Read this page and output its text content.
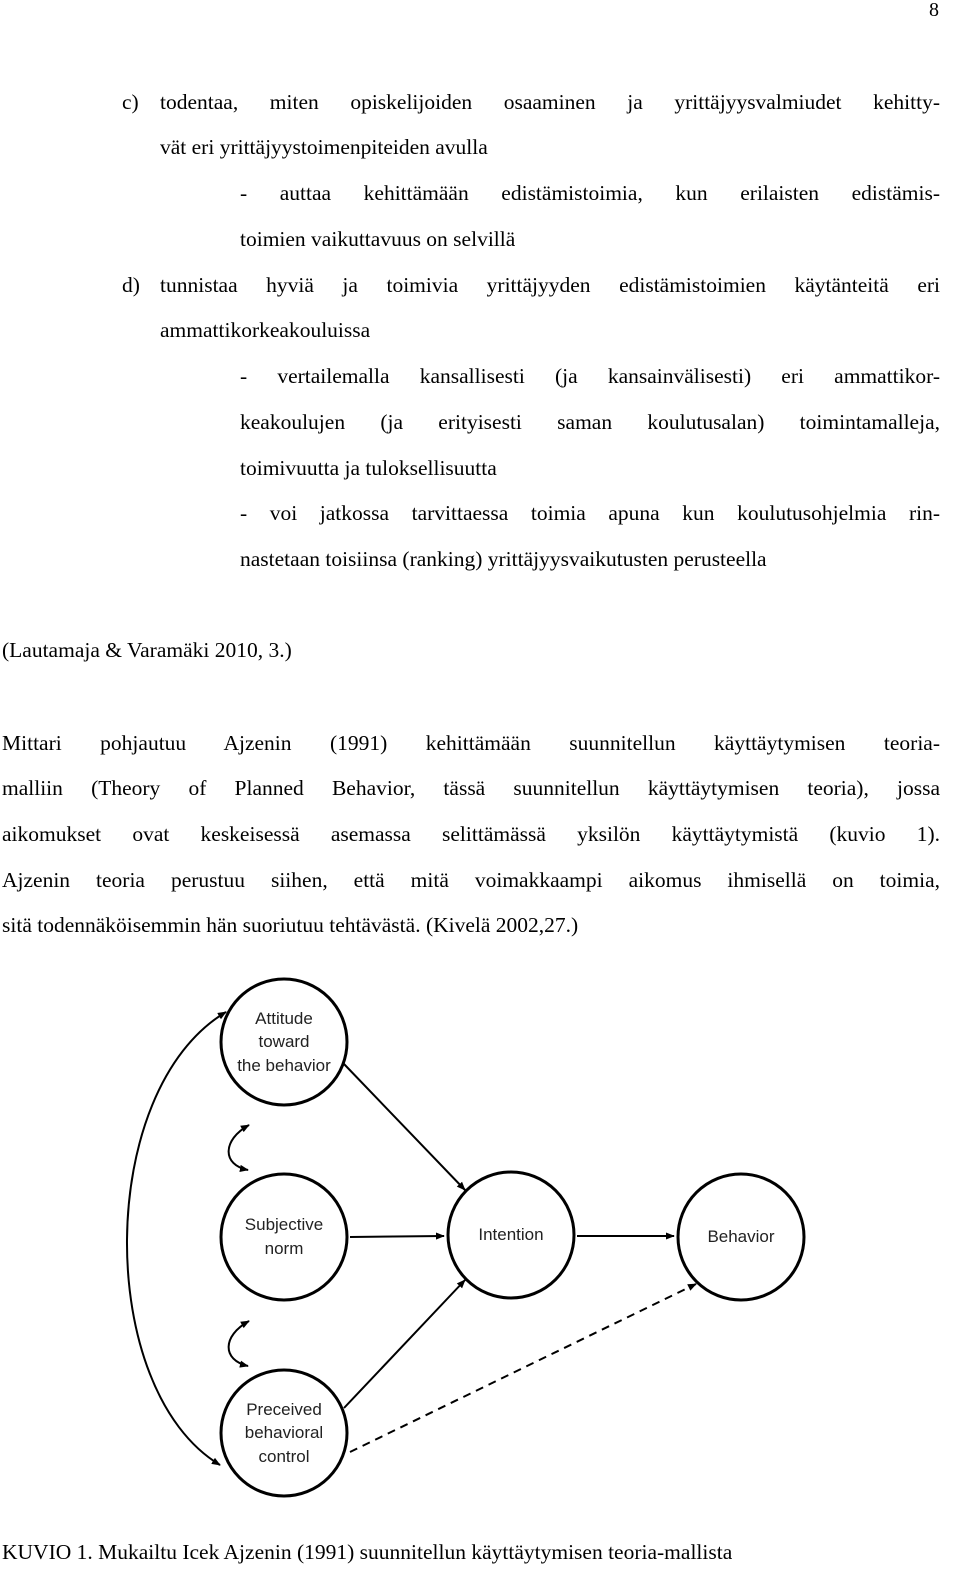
8
c) todentaa, miten opiskelijoiden osaaminen ja yrittäjyysvalmiudet kehitty-
vät eri yrittäjyystoimenpiteiden avulla
- auttaa kehittämään edistämistoimia, kun erilaisten edistämis-
toimien vaikuttavuus on selvillä
d) tunnistaa hyviä ja toimivia yrittäjyyden edistämistoimien käytänteitä eri
ammattikorkeakouluissa
- vertailemalla kansallisesti (ja kansainvälisesti) eri ammattikor-
keakoulujen (ja erityisesti saman koulutusalan) toimintamalleja,
toimivuutta ja tuloksellisuutta
- voi jatkossa tarvittaessa toimia apuna kun koulutusohjelmia rin-
nastetaan toisiinsa (ranking) yrittäjyysvaikutusten perusteella
(Lautamaja & Varamäki 2010, 3.)
Mittari pohjautuu Ajzenin (1991) kehittämään suunnitellun käyttäytymisen teoria-
malliin (Theory of Planned Behavior, tässä suunnitellun käyttäytymisen teoria), jossa
aikomukset ovat keskeisessä asemassa selittämässä yksilön käyttäytymistä (kuvio 1).
Ajzenin teoria perustuu siihen, että mitä voimakkaampi aikomus ihmisellä on toimia,
sitä todennäköisemmin hän suoriutuu tehtävästä. (Kivelä 2002,27.)
Attitude
toward
the behavior
Subjective
norm
Preceived
behavioral
control
Intention	Behavior
KUVIO 1. Mukailtu Icek Ajzenin (1991) suunnitellun käyttäytymisen teoria-mallista
